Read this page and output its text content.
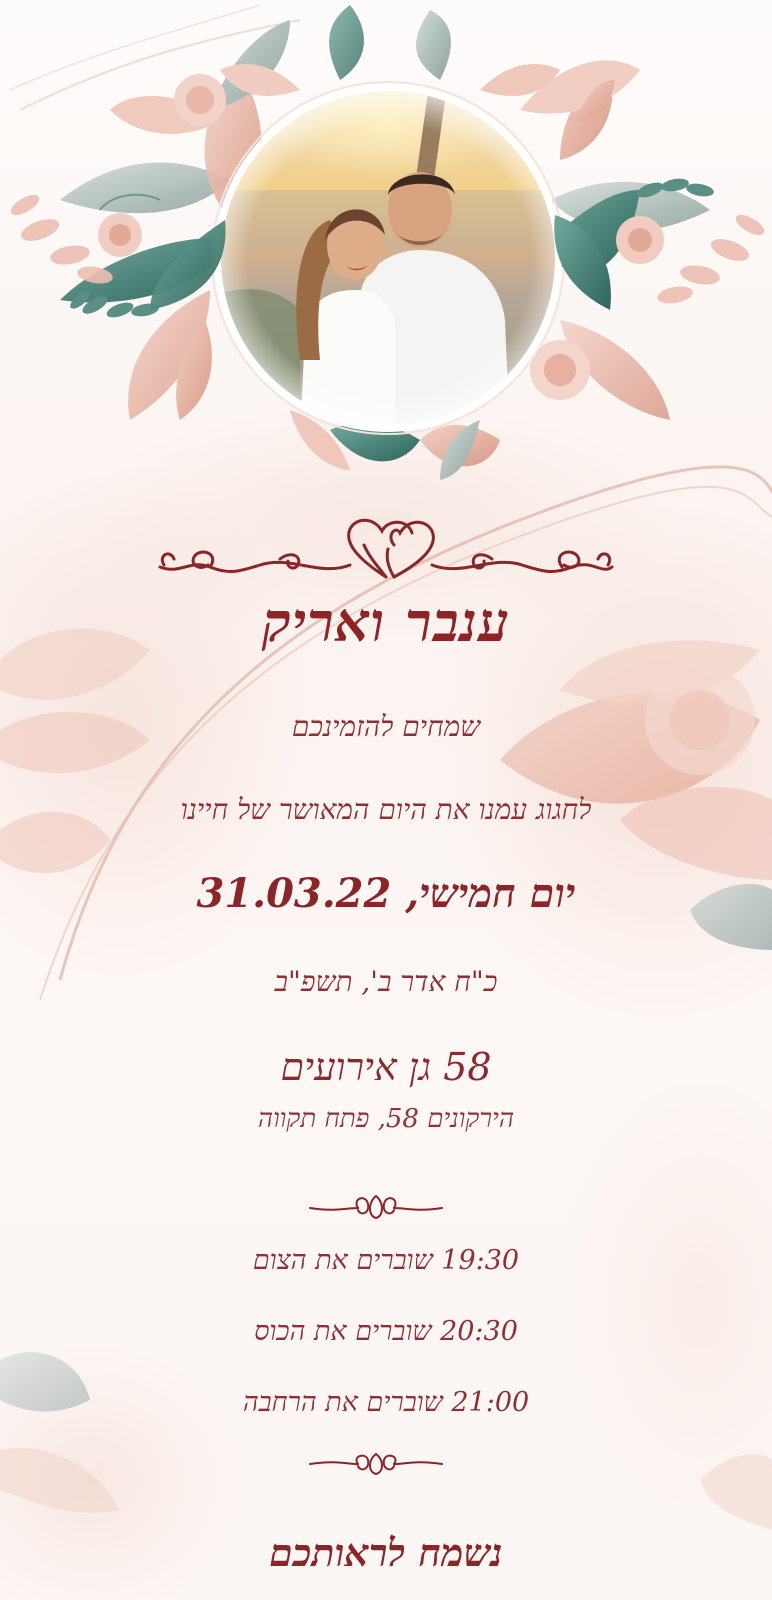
ענבר ואריק
שמחים להזמינכם
לחגוג עמנו את היום המאושר של חיינו
יום חמישי, 31.03.22
כ"ח אדר ב', תשפ"ב
58 גן אירועים
הירקונים 58, פתח תקווה
19:30 שוברים את הצום
20:30 שוברים את הכוס
21:00 שוברים את הרחבה
נשמח לראותכם
